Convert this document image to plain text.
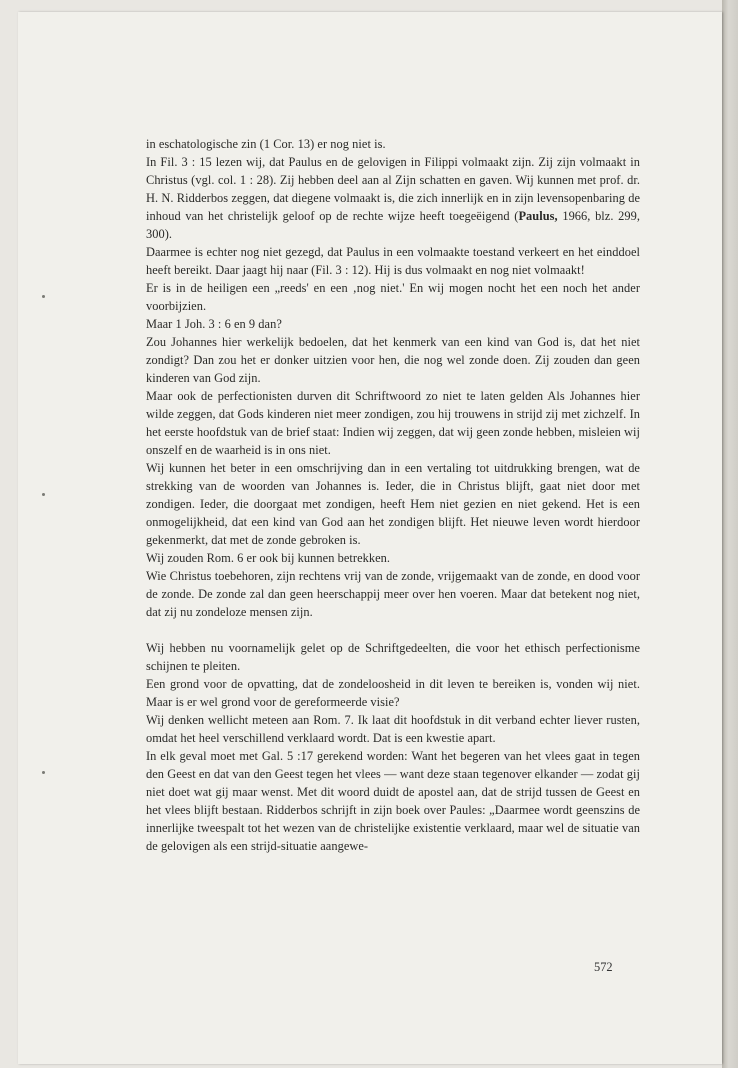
in eschatologische zin (1 Cor. 13) er nog niet is.

In Fil. 3 : 15 lezen wij, dat Paulus en de gelovigen in Filippi volmaakt zijn. Zij zijn volmaakt in Christus (vgl. col. 1 : 28). Zij hebben deel aan al Zijn schatten en gaven. Wij kunnen met prof. dr. H. N. Ridderbos zeggen, dat diegene volmaakt is, die zich innerlijk en in zijn levensopenbaring de inhoud van het christelijk geloof op de rechte wijze heeft toegeëigend (Paulus, 1966, blz. 299, 300).

Daarmee is echter nog niet gezegd, dat Paulus in een volmaakte toestand verkeert en het einddoel heeft bereikt. Daar jaagt hij naar (Fil. 3 : 12). Hij is dus volmaakt en nog niet volmaakt!

Er is in de heiligen een „reeds' en een ‚nog niet.' En wij mogen nocht het een noch het ander voorbijzien.

Maar 1 Joh. 3 : 6 en 9 dan?

Zou Johannes hier werkelijk bedoelen, dat het kenmerk van een kind van God is, dat het niet zondigt? Dan zou het er donker uitzien voor hen, die nog wel zonde doen. Zij zouden dan geen kinderen van God zijn.

Maar ook de perfectionisten durven dit Schriftwoord zo niet te laten gelden Als Johannes hier wilde zeggen, dat Gods kinderen niet meer zondigen, zou hij trouwens in strijd zij met zichzelf. In het eerste hoofdstuk van de brief staat: Indien wij zeggen, dat wij geen zonde hebben, misleien wij onszelf en de waarheid is in ons niet.

Wij kunnen het beter in een omschrijving dan in een vertaling tot uitdrukking brengen, wat de strekking van de woorden van Johannes is. Ieder, die in Christus blijft, gaat niet door met zondigen. Ieder, die doorgaat met zondigen, heeft Hem niet gezien en niet gekend. Het is een onmogelijkheid, dat een kind van God aan het zondigen blijft. Het nieuwe leven wordt hierdoor gekenmerkt, dat met de zonde gebroken is.

Wij zouden Rom. 6 er ook bij kunnen betrekken.

Wie Christus toebehoren, zijn rechtens vrij van de zonde, vrijgemaakt van de zonde, en dood voor de zonde. De zonde zal dan geen heerschappij meer over hen voeren. Maar dat betekent nog niet, dat zij nu zondeloze mensen zijn.

Wij hebben nu voornamelijk gelet op de Schriftgedeelten, die voor het ethisch perfectionisme schijnen te pleiten.

Een grond voor de opvatting, dat de zondeloosheid in dit leven te bereiken is, vonden wij niet. Maar is er wel grond voor de gereformeerde visie?

Wij denken wellicht meteen aan Rom. 7. Ik laat dit hoofdstuk in dit verband echter liever rusten, omdat het heel verschillend verklaard wordt. Dat is een kwestie apart.

In elk geval moet met Gal. 5 :17 gerekend worden: Want het begeren van het vlees gaat in tegen den Geest en dat van den Geest tegen het vlees — want deze staan tegenover elkander — zodat gij niet doet wat gij maar wenst. Met dit woord duidt de apostel aan, dat de strijd tussen de Geest en het vlees blijft bestaan. Ridderbos schrijft in zijn boek over Paules: „Daarmee wordt geenszins de innerlijke tweespalt tot het wezen van de christelijke existentie verklaard, maar wel de situatie van de gelovigen als een strijd-situatie aangewe-

572
